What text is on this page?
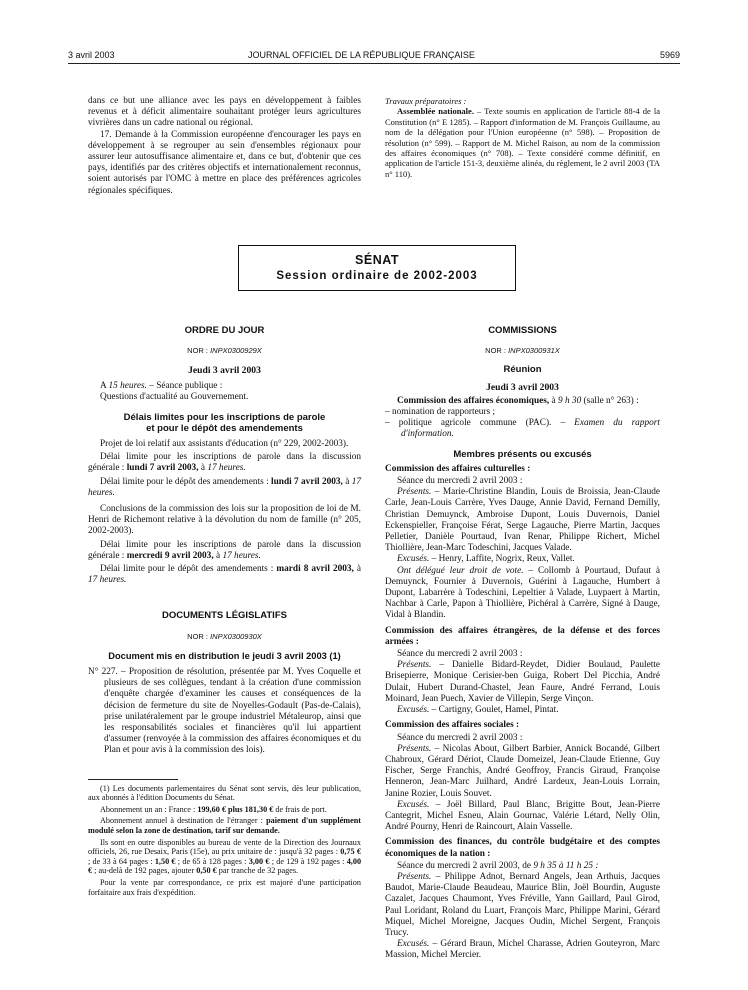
3 avril 2003	JOURNAL OFFICIEL DE LA RÉPUBLIQUE FRANÇAISE	5969

dans ce but une alliance avec les pays en développement à faibles revenus et à déficit alimentaire souhaitant protéger leurs agricultures vivrières dans un cadre national ou régional.

17. Demande à la Commission européenne d'encourager les pays en développement à se regrouper au sein d'ensembles régionaux pour assurer leur autosuffisance alimentaire et, dans ce but, d'obtenir que ces pays, identifiés par des critères objectifs et internationalement reconnus, soient autorisés par l'OMC à mettre en place des préférences agricoles régionales spécifiques.

Travaux préparatoires :

Assemblée nationale. – Texte soumis en application de l'article 88-4 de la Constitution (n° E 1285). – Rapport d'information de M. François Guillaume, au nom de la délégation pour l'Union européenne (n° 598). – Proposition de résolution (n° 599). – Rapport de M. Michel Raison, au nom de la commission des affaires économiques (n° 708). – Texte considéré comme définitif, en application de l'article 151-3, deuxième alinéa, du règlement, le 2 avril 2003 (TA n° 110).

SÉNAT
Session ordinaire de 2002-2003
ORDRE DU JOUR
NOR : INPX0300929X
Jeudi 3 avril 2003

A 15 heures. – Séance publique :

Questions d'actualité au Gouvernement.

Délais limites pour les inscriptions de parole
et pour le dépôt des amendements

Projet de loi relatif aux assistants d'éducation (n° 229, 2002-2003).

Délai limite pour les inscriptions de parole dans la discussion générale : lundi 7 avril 2003, à 17 heures.

Délai limite pour le dépôt des amendements : lundi 7 avril 2003, à 17 heures.

Conclusions de la commission des lois sur la proposition de loi de M. Henri de Richemont relative à la dévolution du nom de famille (n° 205, 2002-2003).

Délai limite pour les inscriptions de parole dans la discussion générale : mercredi 9 avril 2003, à 17 heures.

Délai limite pour le dépôt des amendements : mardi 8 avril 2003, à 17 heures.

DOCUMENTS LÉGISLATIFS
NOR : INPX0300930X
Document mis en distribution le jeudi 3 avril 2003 (1)

N° 227. – Proposition de résolution, présentée par M. Yves Coquelle et plusieurs de ses collègues, tendant à la création d'une commission d'enquête chargée d'examiner les causes et conséquences de la décision de fermeture du site de Noyelles-Godault (Pas-de-Calais), prise unilatéralement par le groupe industriel Métaleurop, ainsi que les responsabilités sociales et financières qu'il lui appartient d'assumer (renvoyée à la commission des affaires économiques et du Plan et pour avis à la commission des lois).

(1) Les documents parlementaires du Sénat sont servis, dès leur publication, aux abonnés à l'édition Documents du Sénat.

Abonnement un an : France : 199,60 € plus 181,30 € de frais de port.

Abonnement annuel à destination de l'étranger : paiement d'un supplément modulé selon la zone de destination, tarif sur demande.

Ils sont en outre disponibles au bureau de vente de la Direction des Journaux officiels, 26, rue Desaix, Paris (15e), au prix unitaire de : jusqu'à 32 pages : 0,75 € ; de 33 à 64 pages : 1,50 € ; de 65 à 128 pages : 3,00 € ; de 129 à 192 pages : 4,00 € ; au-delà de 192 pages, ajouter 0,50 € par tranche de 32 pages.

Pour la vente par correspondance, ce prix est majoré d'une participation forfaitaire aux frais d'expédition.

COMMISSIONS
NOR : INPX0300931X
Réunion
Jeudi 3 avril 2003

Commission des affaires économiques, à 9 h 30 (salle n° 263) :

– nomination de rapporteurs ;

– politique agricole commune (PAC). – Examen du rapport d'information.

Membres présents ou excusés

Commission des affaires culturelles :

Séance du mercredi 2 avril 2003 :

Présents. – Marie-Christine Blandin, Louis de Broissia, Jean-Claude Carle, Jean-Louis Carrère, Yves Dauge, Annie David, Fernand Demilly, Christian Demuynck, Ambroise Dupont, Louis Duvernois, Daniel Eckenspieller, Françoise Férat, Serge Lagauche, Pierre Martin, Jacques Pelletier, Danièle Pourtaud, Ivan Renar, Philippe Richert, Michel Thiollière, Jean-Marc Todeschini, Jacques Valade.

Excusés. – Henry, Laffite, Nogrix, Reux, Vallet.

Ont délégué leur droit de vote. – Collomb à Pourtaud, Dufaut à Demuynck, Fournier à Duvernois, Guérini à Lagauche, Humbert à Dupont, Labarrère à Todeschini, Lepeltier à Valade, Luypaert à Martin, Nachbar à Carle, Papon à Thiollière, Pichéral à Carrère, Signé à Dauge, Vidal à Blandin.

Commission des affaires étrangères, de la défense et des forces armées :

Séance du mercredi 2 avril 2003 :

Présents. – Danielle Bidard-Reydet, Didier Boulaud, Paulette Brisepierre, Monique Cerisier-ben Guiga, Robert Del Picchia, André Dulait, Hubert Durand-Chastel, Jean Faure, André Ferrand, Louis Moinard, Jean Puech, Xavier de Villepin, Serge Vinçon.

Excusés. – Cartigny, Goulet, Hamel, Pintat.

Commission des affaires sociales :

Séance du mercredi 2 avril 2003 :

Présents. – Nicolas About, Gilbert Barbier, Annick Bocandé, Gilbert Chabroux, Gérard Dériot, Claude Domeizel, Jean-Claude Etienne, Guy Fischer, Serge Franchis, André Geoffroy, Francis Giraud, Françoise Henneron, Jean-Marc Juilhard, André Lardeux, Jean-Louis Lorrain, Janine Rozier, Louis Souvet.

Excusés. – Joël Billard, Paul Blanc, Brigitte Bout, Jean-Pierre Cantegrit, Michel Esneu, Alain Gournac, Valérie Létard, Nelly Olin, André Pourny, Henri de Raincourt, Alain Vasselle.

Commission des finances, du contrôle budgétaire et des comptes économiques de la nation :

Séance du mercredi 2 avril 2003, de 9 h 35 à 11 h 25 :

Présents. – Philippe Adnot, Bernard Angels, Jean Arthuis, Jacques Baudot, Marie-Claude Beaudeau, Maurice Blin, Joël Bourdin, Auguste Cazalet, Jacques Chaumont, Yves Fréville, Yann Gaillard, Paul Girod, Paul Loridant, Roland du Luart, François Marc, Philippe Marini, Gérard Miquel, Michel Moreigne, Jacques Oudin, Michel Sergent, François Trucy.

Excusés. – Gérard Braun, Michel Charasse, Adrien Gouteyron, Marc Massion, Michel Mercier.
